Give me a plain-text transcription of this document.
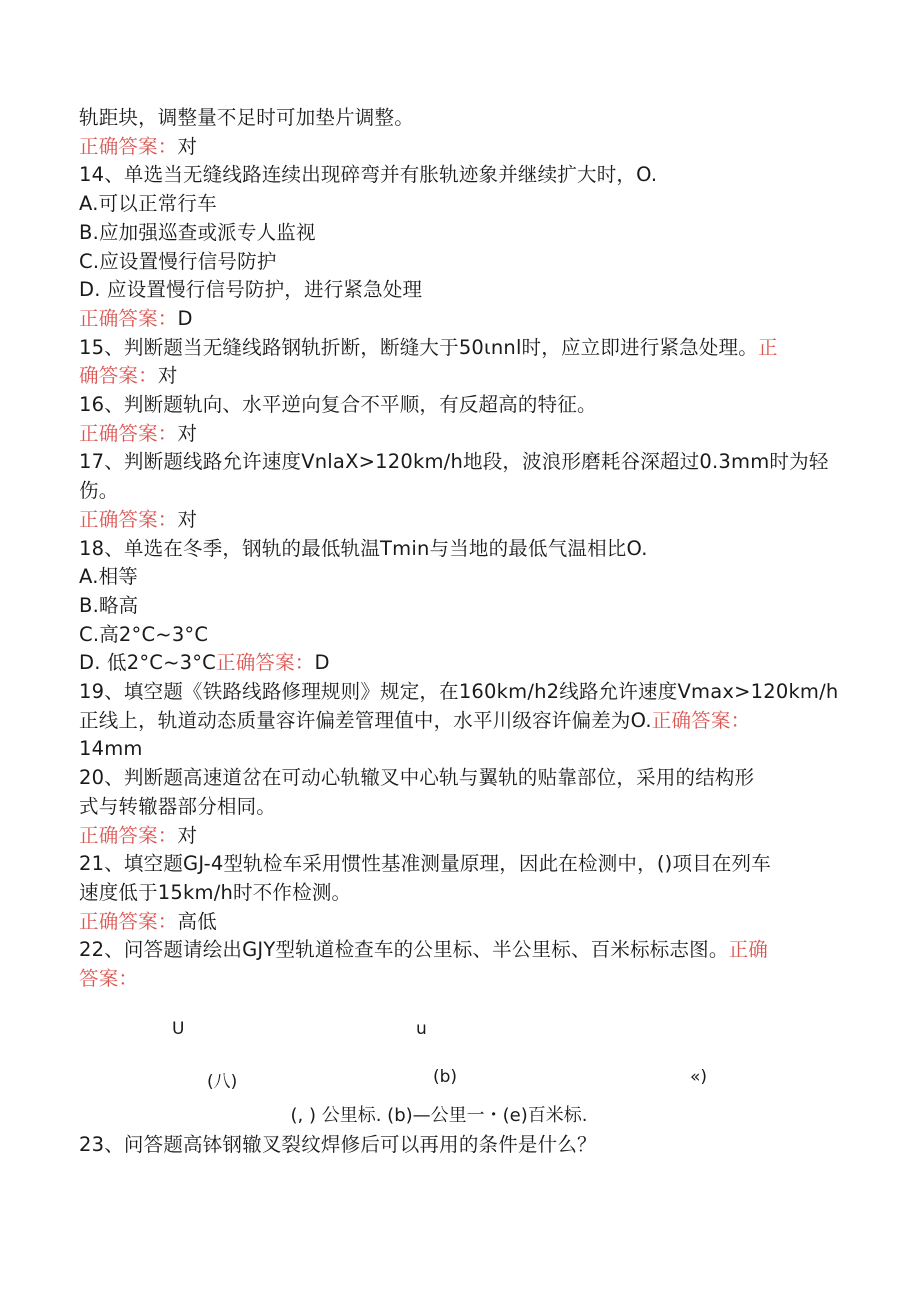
轨距块，调整量不足时可加垫片调整。
正确答案：对
14、单选当无缝线路连续出现碎弯并有胀轨迹象并继续扩大时，O.
A.可以正常行车
B.应加强巡查或派专人监视
C.应设置慢行信号防护
D. 应设置慢行信号防护，进行紧急处理
正确答案：D
15、判断题当无缝线路钢轨折断，断缝大于50ιnnl时，应立即进行紧急处理。正
确答案：对
16、判断题轨向、水平逆向复合不平顺，有反超高的特征。
正确答案：对
17、判断题线路允许速度VnlaX>120km∕h地段，波浪形磨耗谷深超过0.3mm时为轻
伤。
正确答案：对
18、单选在冬季，钢轨的最低轨温Tmin与当地的最低气温相比O.
A.相等
B.略高
C.高2°C~3°C
D. 低2°C~3°C正确答案：D
19、填空题《铁路线路修理规则》规定，在160km∕h2线路允许速度Vmax>120km∕h
正线上，轨道动态质量容许偏差管理值中，水平川级容许偏差为O.正确答案：
14mm
20、判断题高速道岔在可动心轨辙叉中心轨与翼轨的贴靠部位，采用的结构形
式与转辙器部分相同。
正确答案：对
21、填空题GJ-4型轨检车采用惯性基准测量原理，因此在检测中，()项目在列车
速度低于15km∕h时不作检测。
正确答案：高低
22、问答题请绘出GJY型轨道检查车的公里标、半公里标、百米标标志图。正确
答案：
U	u
(八)	(b)	«)
(, ) 公里标. (b)—公里一・(e)百米标.
23、问答题高钵钢辙叉裂纹焊修后可以再用的条件是什么？
